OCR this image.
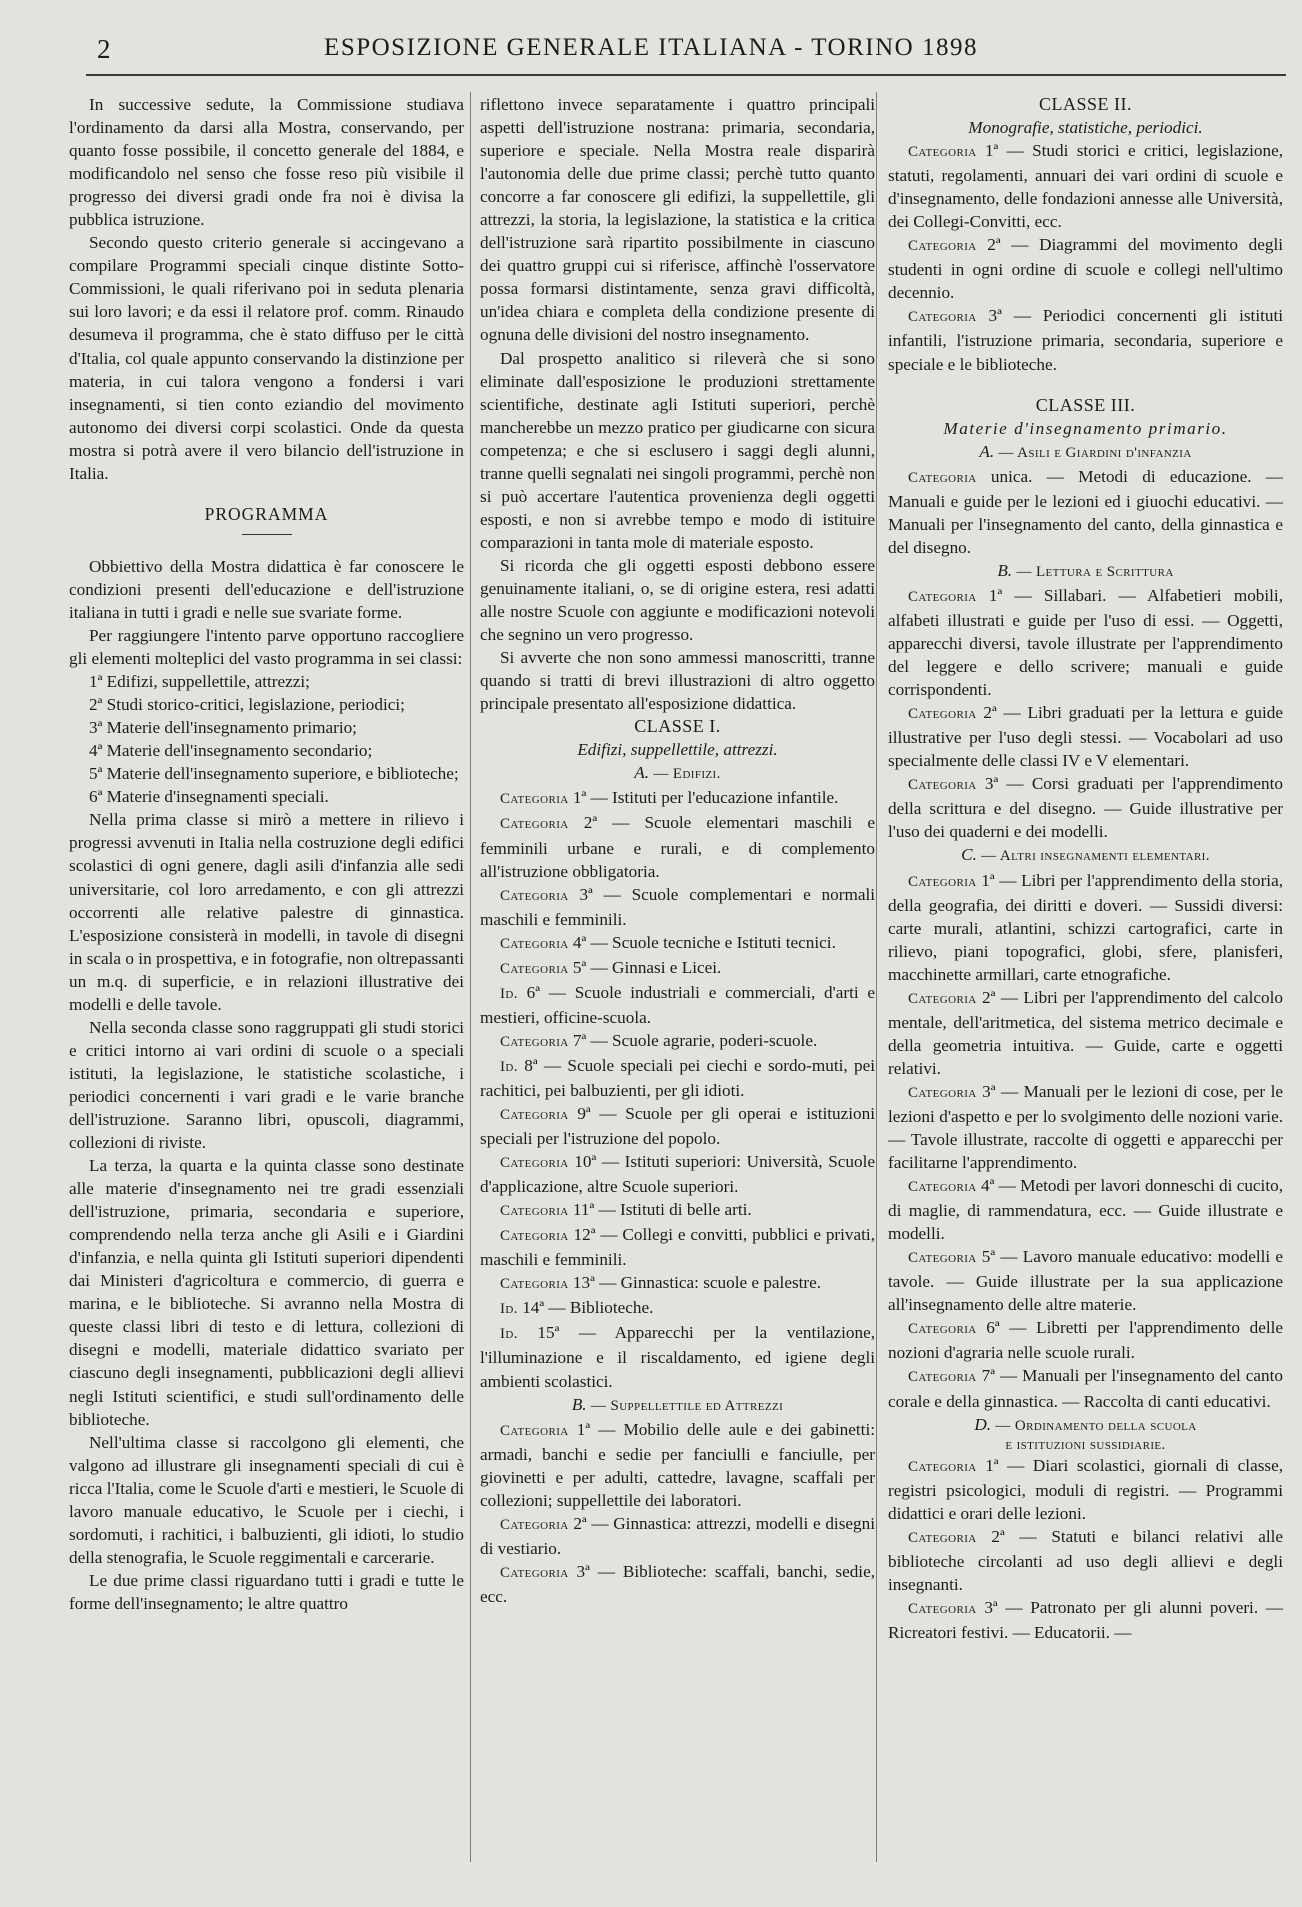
2	ESPOSIZIONE GENERALE ITALIANA - TORINO 1898

In successive sedute, la Commissione studiava l'ordinamento da darsi alla Mostra, conservando, per quanto fosse possibile, il concetto generale del 1884, e modificandolo nel senso che fosse reso più visibile il progresso dei diversi gradi onde fra noi è divisa la pubblica istruzione.

Secondo questo criterio generale si accingevano a compilare Programmi speciali cinque distinte Sotto-Commissioni, le quali riferivano poi in seduta plenaria sui loro lavori; e da essi il relatore prof. comm. Rinaudo desumeva il programma, che è stato diffuso per le città d'Italia, col quale appunto conservando la distinzione per materia, in cui talora vengono a fondersi i vari insegnamenti, si tien conto eziandio del movimento autonomo dei diversi corpi scolastici. Onde da questa mostra si potrà avere il vero bilancio dell'istruzione in Italia.

PROGRAMMA

Obbiettivo della Mostra didattica è far conoscere le condizioni presenti dell'educazione e dell'istruzione italiana in tutti i gradi e nelle sue svariate forme.

Per raggiungere l'intento parve opportuno raccogliere gli elementi molteplici del vasto programma in sei classi:

1ª Edifizi, suppellettile, attrezzi;

2ª Studi storico-critici, legislazione, periodici;

3ª Materie dell'insegnamento primario;

4ª Materie dell'insegnamento secondario;

5ª Materie dell'insegnamento superiore, e biblioteche;

6ª Materie d'insegnamenti speciali.

Nella prima classe si mirò a mettere in rilievo i progressi avvenuti in Italia nella costruzione degli edifici scolastici di ogni genere, dagli asili d'infanzia alle sedi universitarie, col loro arredamento, e con gli attrezzi occorrenti alle relative palestre di ginnastica. L'esposizione consisterà in modelli, in tavole di disegni in scala o in prospettiva, e in fotografie, non oltrepassanti un m.q. di superficie, e in relazioni illustrative dei modelli e delle tavole.

Nella seconda classe sono raggruppati gli studi storici e critici intorno ai vari ordini di scuole o a speciali istituti, la legislazione, le statistiche scolastiche, i periodici concernenti i vari gradi e le varie branche dell'istruzione. Saranno libri, opuscoli, diagrammi, collezioni di riviste.

La terza, la quarta e la quinta classe sono destinate alle materie d'insegnamento nei tre gradi essenziali dell'istruzione, primaria, secondaria e superiore, comprendendo nella terza anche gli Asili e i Giardini d'infanzia, e nella quinta gli Istituti superiori dipendenti dai Ministeri d'agricoltura e commercio, di guerra e marina, e le biblioteche. Si avranno nella Mostra di queste classi libri di testo e di lettura, collezioni di disegni e modelli, materiale didattico svariato per ciascuno degli insegnamenti, pubblicazioni degli allievi negli Istituti scientifici, e studi sull'ordinamento delle biblioteche.

Nell'ultima classe si raccolgono gli elementi, che valgono ad illustrare gli insegnamenti speciali di cui è ricca l'Italia, come le Scuole d'arti e mestieri, le Scuole di lavoro manuale educativo, le Scuole per i ciechi, i sordomuti, i rachitici, i balbuzienti, gli idioti, lo studio della stenografia, le Scuole reggimentali e carcerarie.

Le due prime classi riguardano tutti i gradi e tutte le forme dell'insegnamento; le altre quattro

riflettono invece separatamente i quattro principali aspetti dell'istruzione nostrana: primaria, secondaria, superiore e speciale. Nella Mostra reale disparirà l'autonomia delle due prime classi; perchè tutto quanto concorre a far conoscere gli edifizi, la suppellettile, gli attrezzi, la storia, la legislazione, la statistica e la critica dell'istruzione sarà ripartito possibilmente in ciascuno dei quattro gruppi cui si riferisce, affinchè l'osservatore possa formarsi distintamente, senza gravi difficoltà, un'idea chiara e completa della condizione presente di ognuna delle divisioni del nostro insegnamento.

Dal prospetto analitico si rileverà che si sono eliminate dall'esposizione le produzioni strettamente scientifiche, destinate agli Istituti superiori, perchè mancherebbe un mezzo pratico per giudicarne con sicura competenza; e che si esclusero i saggi degli alunni, tranne quelli segnalati nei singoli programmi, perchè non si può accertare l'autentica provenienza degli oggetti esposti, e non si avrebbe tempo e modo di istituire comparazioni in tanta mole di materiale esposto.

Si ricorda che gli oggetti esposti debbono essere genuinamente italiani, o, se di origine estera, resi adatti alle nostre Scuole con aggiunte e modificazioni notevoli che segnino un vero progresso.

Si avverte che non sono ammessi manoscritti, tranne quando si tratti di brevi illustrazioni di altro oggetto principale presentato all'esposizione didattica.

CLASSE I.

Edifizi, suppellettile, attrezzi.

A. — Edifizi.

Categoria 1ª — Istituti per l'educazione infantile.

Categoria 2ª — Scuole elementari maschili e femminili urbane e rurali, e di complemento all'istruzione obbligatoria.

Categoria 3ª — Scuole complementari e normali maschili e femminili.

Categoria 4ª — Scuole tecniche e Istituti tecnici.

Categoria 5ª — Ginnasi e Licei.

Id. 6ª — Scuole industriali e commerciali, d'arti e mestieri, officine-scuola.

Categoria 7ª — Scuole agrarie, poderi-scuole.

Id. 8ª — Scuole speciali pei ciechi e sordo-muti, pei rachitici, pei balbuzienti, per gli idioti.

Categoria 9ª — Scuole per gli operai e istituzioni speciali per l'istruzione del popolo.

Categoria 10ª — Istituti superiori: Università, Scuole d'applicazione, altre Scuole superiori.

Categoria 11ª — Istituti di belle arti.

Categoria 12ª — Collegi e convitti, pubblici e privati, maschili e femminili.

Categoria 13ª — Ginnastica: scuole e palestre.

Id. 14ª — Biblioteche.

Id. 15ª — Apparecchi per la ventilazione, l'illuminazione e il riscaldamento, ed igiene degli ambienti scolastici.

B. — Suppellettile ed Attrezzi

Categoria 1ª — Mobilio delle aule e dei gabinetti: armadi, banchi e sedie per fanciulli e fanciulle, per giovinetti e per adulti, cattedre, lavagne, scaffali per collezioni; suppellettile dei laboratori.

Categoria 2ª — Ginnastica: attrezzi, modelli e disegni di vestiario.

Categoria 3ª — Biblioteche: scaffali, banchi, sedie, ecc.

CLASSE II.

Monografie, statistiche, periodici.

Categoria 1ª — Studi storici e critici, legislazione, statuti, regolamenti, annuari dei vari ordini di scuole e d'insegnamento, delle fondazioni annesse alle Università, dei Collegi-Convitti, ecc.

Categoria 2ª — Diagrammi del movimento degli studenti in ogni ordine di scuole e collegi nell'ultimo decennio.

Categoria 3ª — Periodici concernenti gli istituti infantili, l'istruzione primaria, secondaria, superiore e speciale e le biblioteche.

CLASSE III.

Materie d'insegnamento primario.

A. — Asili e Giardini d'infanzia

Categoria unica. — Metodi di educazione. — Manuali e guide per le lezioni ed i giuochi educativi. — Manuali per l'insegnamento del canto, della ginnastica e del disegno.

B. — Lettura e Scrittura

Categoria 1ª — Sillabari. — Alfabetieri mobili, alfabeti illustrati e guide per l'uso di essi. — Oggetti, apparecchi diversi, tavole illustrate per l'apprendimento del leggere e dello scrivere; manuali e guide corrispondenti.

Categoria 2ª — Libri graduati per la lettura e guide illustrative per l'uso degli stessi. — Vocabolari ad uso specialmente delle classi IV e V elementari.

Categoria 3ª — Corsi graduati per l'apprendimento della scrittura e del disegno. — Guide illustrative per l'uso dei quaderni e dei modelli.

C. — Altri insegnamenti elementari.

Categoria 1ª — Libri per l'apprendimento della storia, della geografia, dei diritti e doveri. — Sussidi diversi: carte murali, atlantini, schizzi cartografici, carte in rilievo, piani topografici, globi, sfere, planisferi, macchinette armillari, carte etnografiche.

Categoria 2ª — Libri per l'apprendimento del calcolo mentale, dell'aritmetica, del sistema metrico decimale e della geometria intuitiva. — Guide, carte e oggetti relativi.

Categoria 3ª — Manuali per le lezioni di cose, per le lezioni d'aspetto e per lo svolgimento delle nozioni varie. — Tavole illustrate, raccolte di oggetti e apparecchi per facilitarne l'apprendimento.

Categoria 4ª — Metodi per lavori donneschi di cucito, di maglie, di rammendatura, ecc. — Guide illustrate e modelli.

Categoria 5ª — Lavoro manuale educativo: modelli e tavole. — Guide illustrate per la sua applicazione all'insegnamento delle altre materie.

Categoria 6ª — Libretti per l'apprendimento delle nozioni d'agraria nelle scuole rurali.

Categoria 7ª — Manuali per l'insegnamento del canto corale e della ginnastica. — Raccolta di canti educativi.

D. — Ordinamento della scuola
e istituzioni sussidiarie.

Categoria 1ª — Diari scolastici, giornali di classe, registri psicologici, moduli di registri. — Programmi didattici e orari delle lezioni.

Categoria 2ª — Statuti e bilanci relativi alle biblioteche circolanti ad uso degli allievi e degli insegnanti.

Categoria 3ª — Patronato per gli alunni poveri. — Ricreatori festivi. — Educatorii. —
